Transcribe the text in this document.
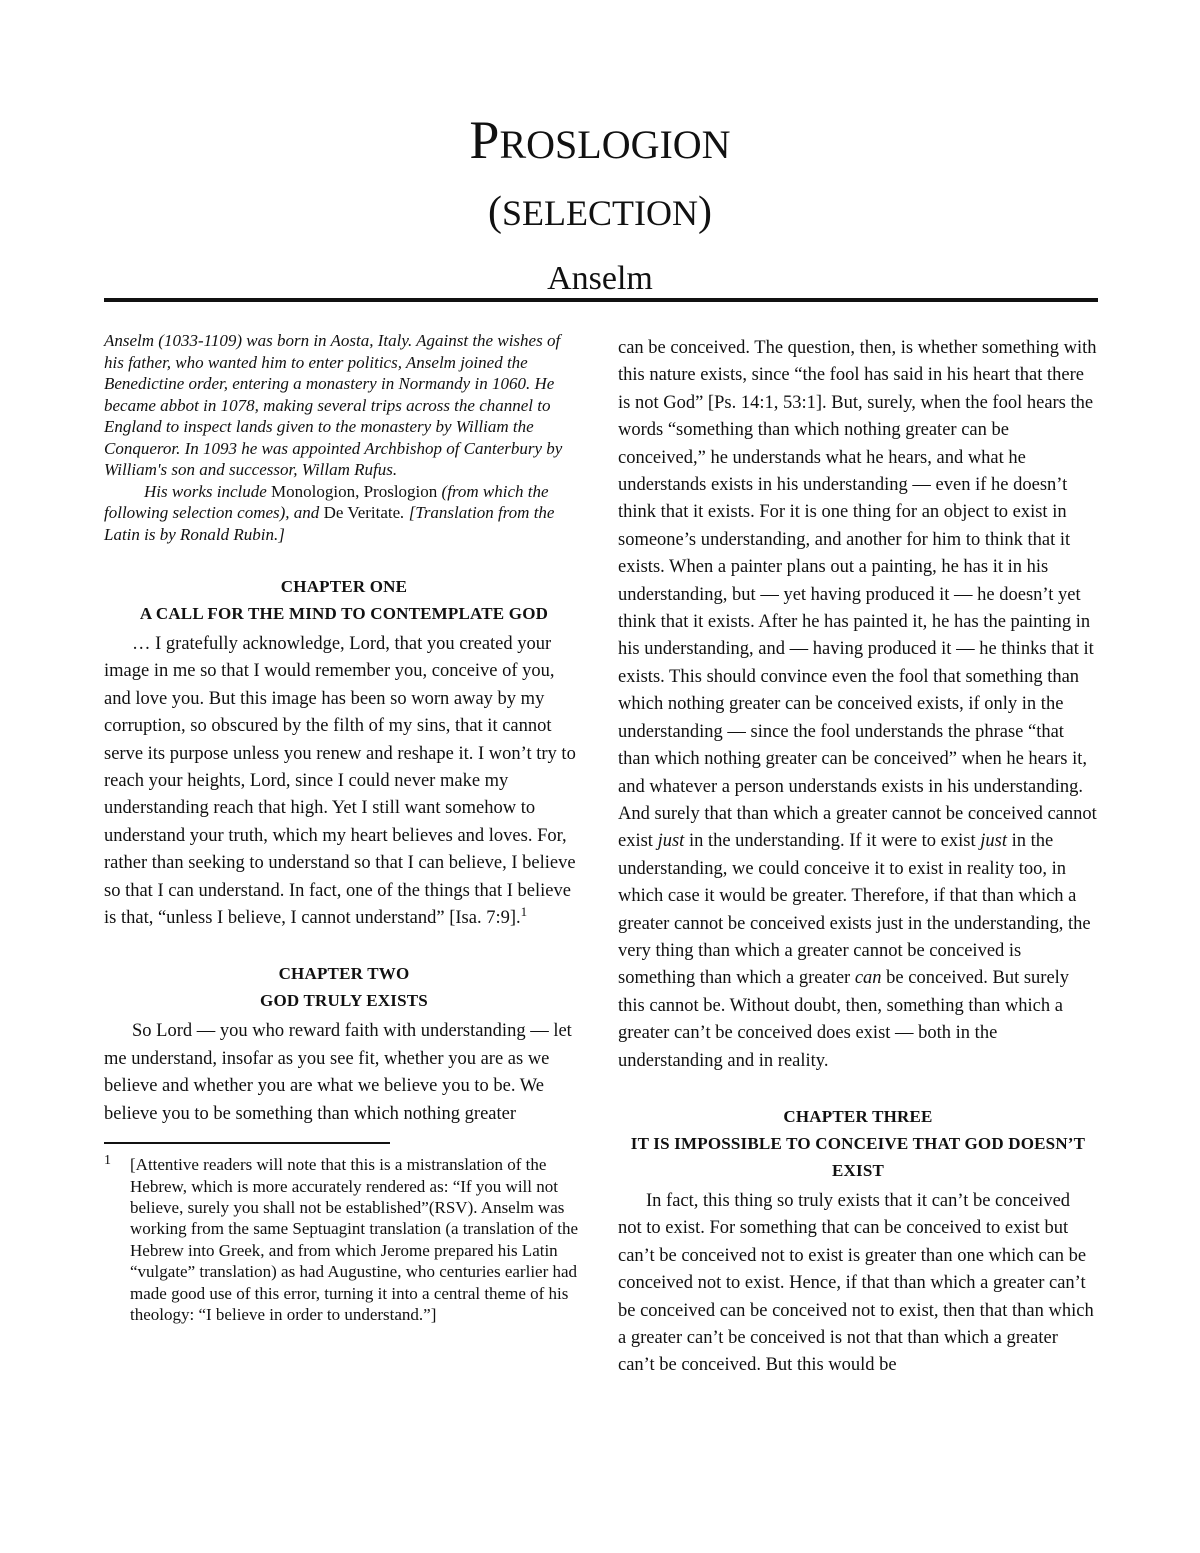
PROSLOGION
(SELECTION)
Anselm

Anselm (1033-1109) was born in Aosta, Italy. Against the wishes of his father, who wanted him to enter politics, Anselm joined the Benedictine order, entering a monastery in Normandy in 1060. He became abbot in 1078, making several trips across the channel to England to inspect lands given to the monastery by William the Conqueror. In 1093 he was appointed Archbishop of Canterbury by William's son and successor, Willam Rufus.

His works include Monologion, Proslogion (from which the following selection comes), and De Veritate. [Translation from the Latin is by Ronald Rubin.]

CHAPTER ONE
A CALL FOR THE MIND TO CONTEMPLATE GOD

… I gratefully acknowledge, Lord, that you created your image in me so that I would remember you, conceive of you, and love you. But this image has been so worn away by my corruption, so obscured by the filth of my sins, that it cannot serve its purpose unless you renew and reshape it. I won’t try to reach your heights, Lord, since I could never make my understanding reach that high. Yet I still want somehow to understand your truth, which my heart believes and loves. For, rather than seeking to understand so that I can believe, I believe so that I can understand. In fact, one of the things that I believe is that, “unless I believe, I cannot understand” [Isa. 7:9].$^1$

CHAPTER TWO
GOD TRULY EXISTS

So Lord — you who reward faith with understanding — let me understand, insofar as you see fit, whether you are as we believe and whether you are what we believe you to be. We believe you to be something than which nothing greater

1 [Attentive readers will note that this is a mistranslation of the Hebrew, which is more accurately rendered as: “If you will not believe, surely you shall not be established”(RSV). Anselm was working from the same Septuagint translation (a translation of the Hebrew into Greek, and from which Jerome prepared his Latin “vulgate” translation) as had Augustine, who centuries earlier had made good use of this error, turning it into a central theme of his theology: “I believe in order to understand.”]

can be conceived. The question, then, is whether something with this nature exists, since “the fool has said in his heart that there is not God” [Ps. 14:1, 53:1]. But, surely, when the fool hears the words “something than which nothing greater can be conceived,” he understands what he hears, and what he understands exists in his understanding — even if he doesn’t think that it exists. For it is one thing for an object to exist in someone’s understanding, and another for him to think that it exists. When a painter plans out a painting, he has it in his understanding, but — yet having produced it — he doesn’t yet think that it exists. After he has painted it, he has the painting in his understanding, and — having produced it — he thinks that it exists. This should convince even the fool that something than which nothing greater can be conceived exists, if only in the understanding — since the fool understands the phrase “that than which nothing greater can be conceived” when he hears it, and whatever a person understands exists in his understanding. And surely that than which a greater cannot be conceived cannot exist just in the understanding. If it were to exist just in the understanding, we could conceive it to exist in reality too, in which case it would be greater. Therefore, if that than which a greater cannot be conceived exists just in the understanding, the very thing than which a greater cannot be conceived is something than which a greater can be conceived. But surely this cannot be. Without doubt, then, something than which a greater can’t be conceived does exist — both in the understanding and in reality.

CHAPTER THREE
IT IS IMPOSSIBLE TO CONCEIVE THAT GOD DOESN’T EXIST

In fact, this thing so truly exists that it can’t be conceived not to exist. For something that can be conceived to exist but can’t be conceived not to exist is greater than one which can be conceived not to exist. Hence, if that than which a greater can’t be conceived can be conceived not to exist, then that than which a greater can’t be conceived is not that than which a greater can’t be conceived. But this would be
